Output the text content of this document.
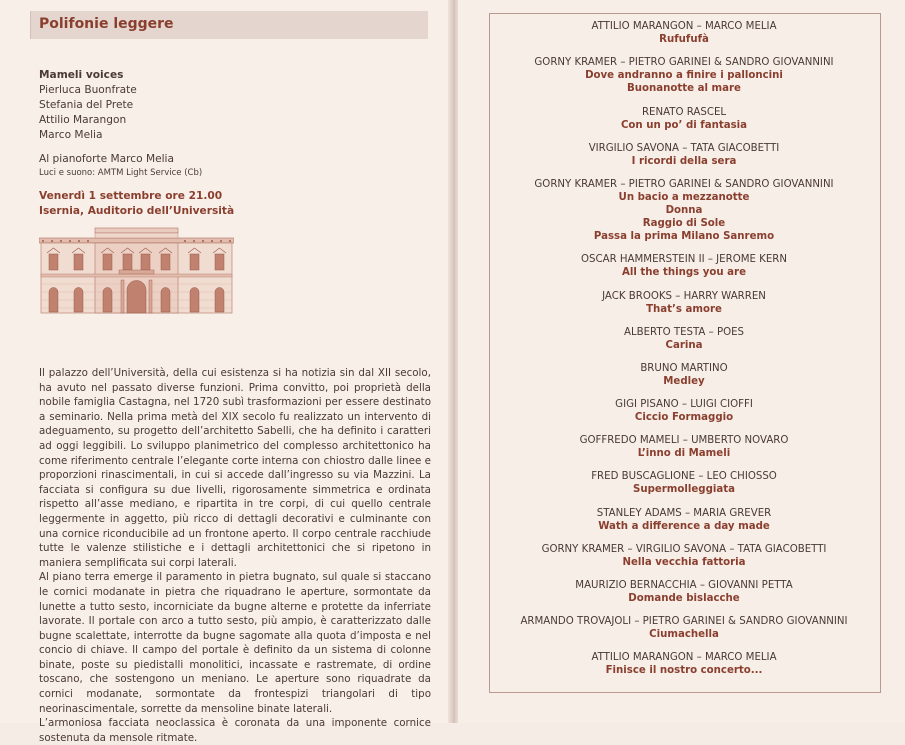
Polifonie leggere
Mameli voices
Pierluca Buonfrate
Stefania del Prete
Attilio Marangon
Marco Melia
Al pianoforte Marco Melia
Luci e suono: AMTM Light Service (Cb)
Venerdì 1 settembre ore 21.00
Isernia, Auditorio dell’Università

Il palazzo dell’Università, della cui esistenza si ha notizia sin dal XII secolo, ha avuto nel passato diverse funzioni. Prima convitto, poi proprietà della nobile famiglia Castagna, nel 1720 subì trasformazioni per essere destinato a seminario. Nella prima metà del XIX secolo fu realizzato un intervento di adeguamento, su progetto dell’architetto Sabelli, che ha definito i caratteri ad oggi leggibili. Lo sviluppo planimetrico del complesso architettonico ha come riferimento centrale l’elegante corte interna con chiostro dalle linee e proporzioni rinascimentali, in cui si accede dall’ingresso su via Mazzini. La facciata si configura su due livelli, rigorosamente simmetrica e ordinata rispetto all’asse mediano, e ripartita in tre corpi, di cui quello centrale leggermente in aggetto, più ricco di dettagli decorativi e culminante con una cornice riconducibile ad un frontone aperto. Il corpo centrale racchiude tutte le valenze stilistiche e i dettagli architettonici che si ripetono in maniera semplificata sui corpi laterali.

Al piano terra emerge il paramento in pietra bugnato, sul quale si staccano le cornici modanate in pietra che riquadrano le aperture, sormontate da lunette a tutto sesto, incorniciate da bugne alterne e protette da inferriate lavorate. Il portale con arco a tutto sesto, più ampio, è caratterizzato dalle bugne scalettate, interrotte da bugne sagomate alla quota d’imposta e nel concio di chiave. Il campo del portale è definito da un sistema di colonne binate, poste su piedistalli monolitici, incassate e rastremate, di ordine toscano, che sostengono un meniano. Le aperture sono riquadrate da cornici modanate, sormontate da frontespizi triangolari di tipo neorinascimentale, sorrette da mensoline binate laterali.

L’armoniosa facciata neoclassica è coronata da una imponente cornice sostenuta da mensole ritmate.

ATTILIO MARANGON – MARCO MELIA
Rufufufà
GORNY KRAMER – PIETRO GARINEI & SANDRO GIOVANNINI
Dove andranno a finire i palloncini
Buonanotte al mare
RENATO RASCEL
Con un po’ di fantasia
VIRGILIO SAVONA – TATA GIACOBETTI
I ricordi della sera
GORNY KRAMER – PIETRO GARINEI & SANDRO GIOVANNINI
Un bacio a mezzanotte
Donna
Raggio di Sole
Passa la prima Milano Sanremo
OSCAR HAMMERSTEIN II – JEROME KERN
All the things you are
JACK BROOKS – HARRY WARREN
That’s amore
ALBERTO TESTA – POES
Carina
BRUNO MARTINO
Medley
GIGI PISANO – LUIGI CIOFFI
Ciccio Formaggio
GOFFREDO MAMELI – UMBERTO NOVARO
L’inno di Mameli
FRED BUSCAGLIONE – LEO CHIOSSO
Supermolleggiata
STANLEY ADAMS – MARIA GREVER
Wath a difference a day made
GORNY KRAMER – VIRGILIO SAVONA – TATA GIACOBETTI
Nella vecchia fattoria
MAURIZIO BERNACCHIA – GIOVANNI PETTA
Domande bislacche
ARMANDO TROVAJOLI – PIETRO GARINEI & SANDRO GIOVANNINI
Ciumachella
ATTILIO MARANGON – MARCO MELIA
Finisce il nostro concerto...
